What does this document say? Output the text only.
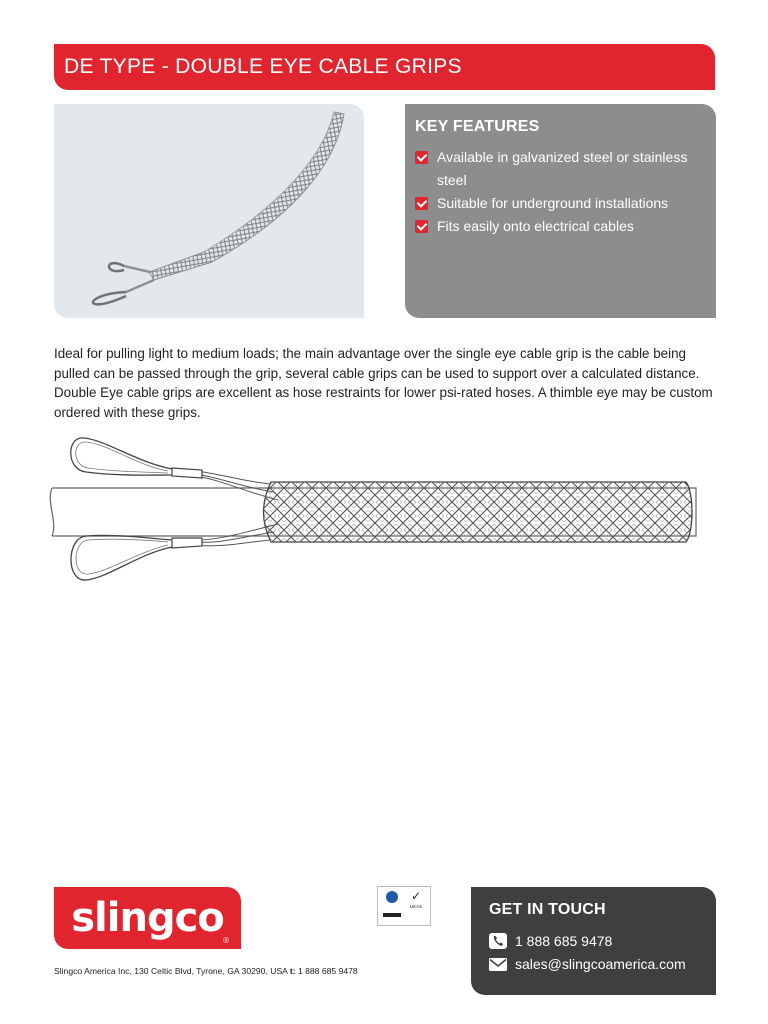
DE TYPE - DOUBLE EYE CABLE GRIPS
KEY FEATURES
Available in galvanized steel or stainless steel
Suitable for underground installations
Fits easily onto electrical cables
Ideal for pulling light to medium loads; the main advantage over the single eye cable grip is the cable being pulled can be passed through the grip, several cable grips can be used to support over a calculated distance. Double Eye cable grips are excellent as hose restraints for lower psi-rated hoses. A thimble eye may be custom ordered with these grips.
slingco ®
Slingco America Inc, 130 Celtic Blvd, Tyrone, GA 30290, USA t: 1 888 685 9478
✓
UKAS	GET IN TOUCH
1 888 685 9478
sales@slingcoamerica.com
